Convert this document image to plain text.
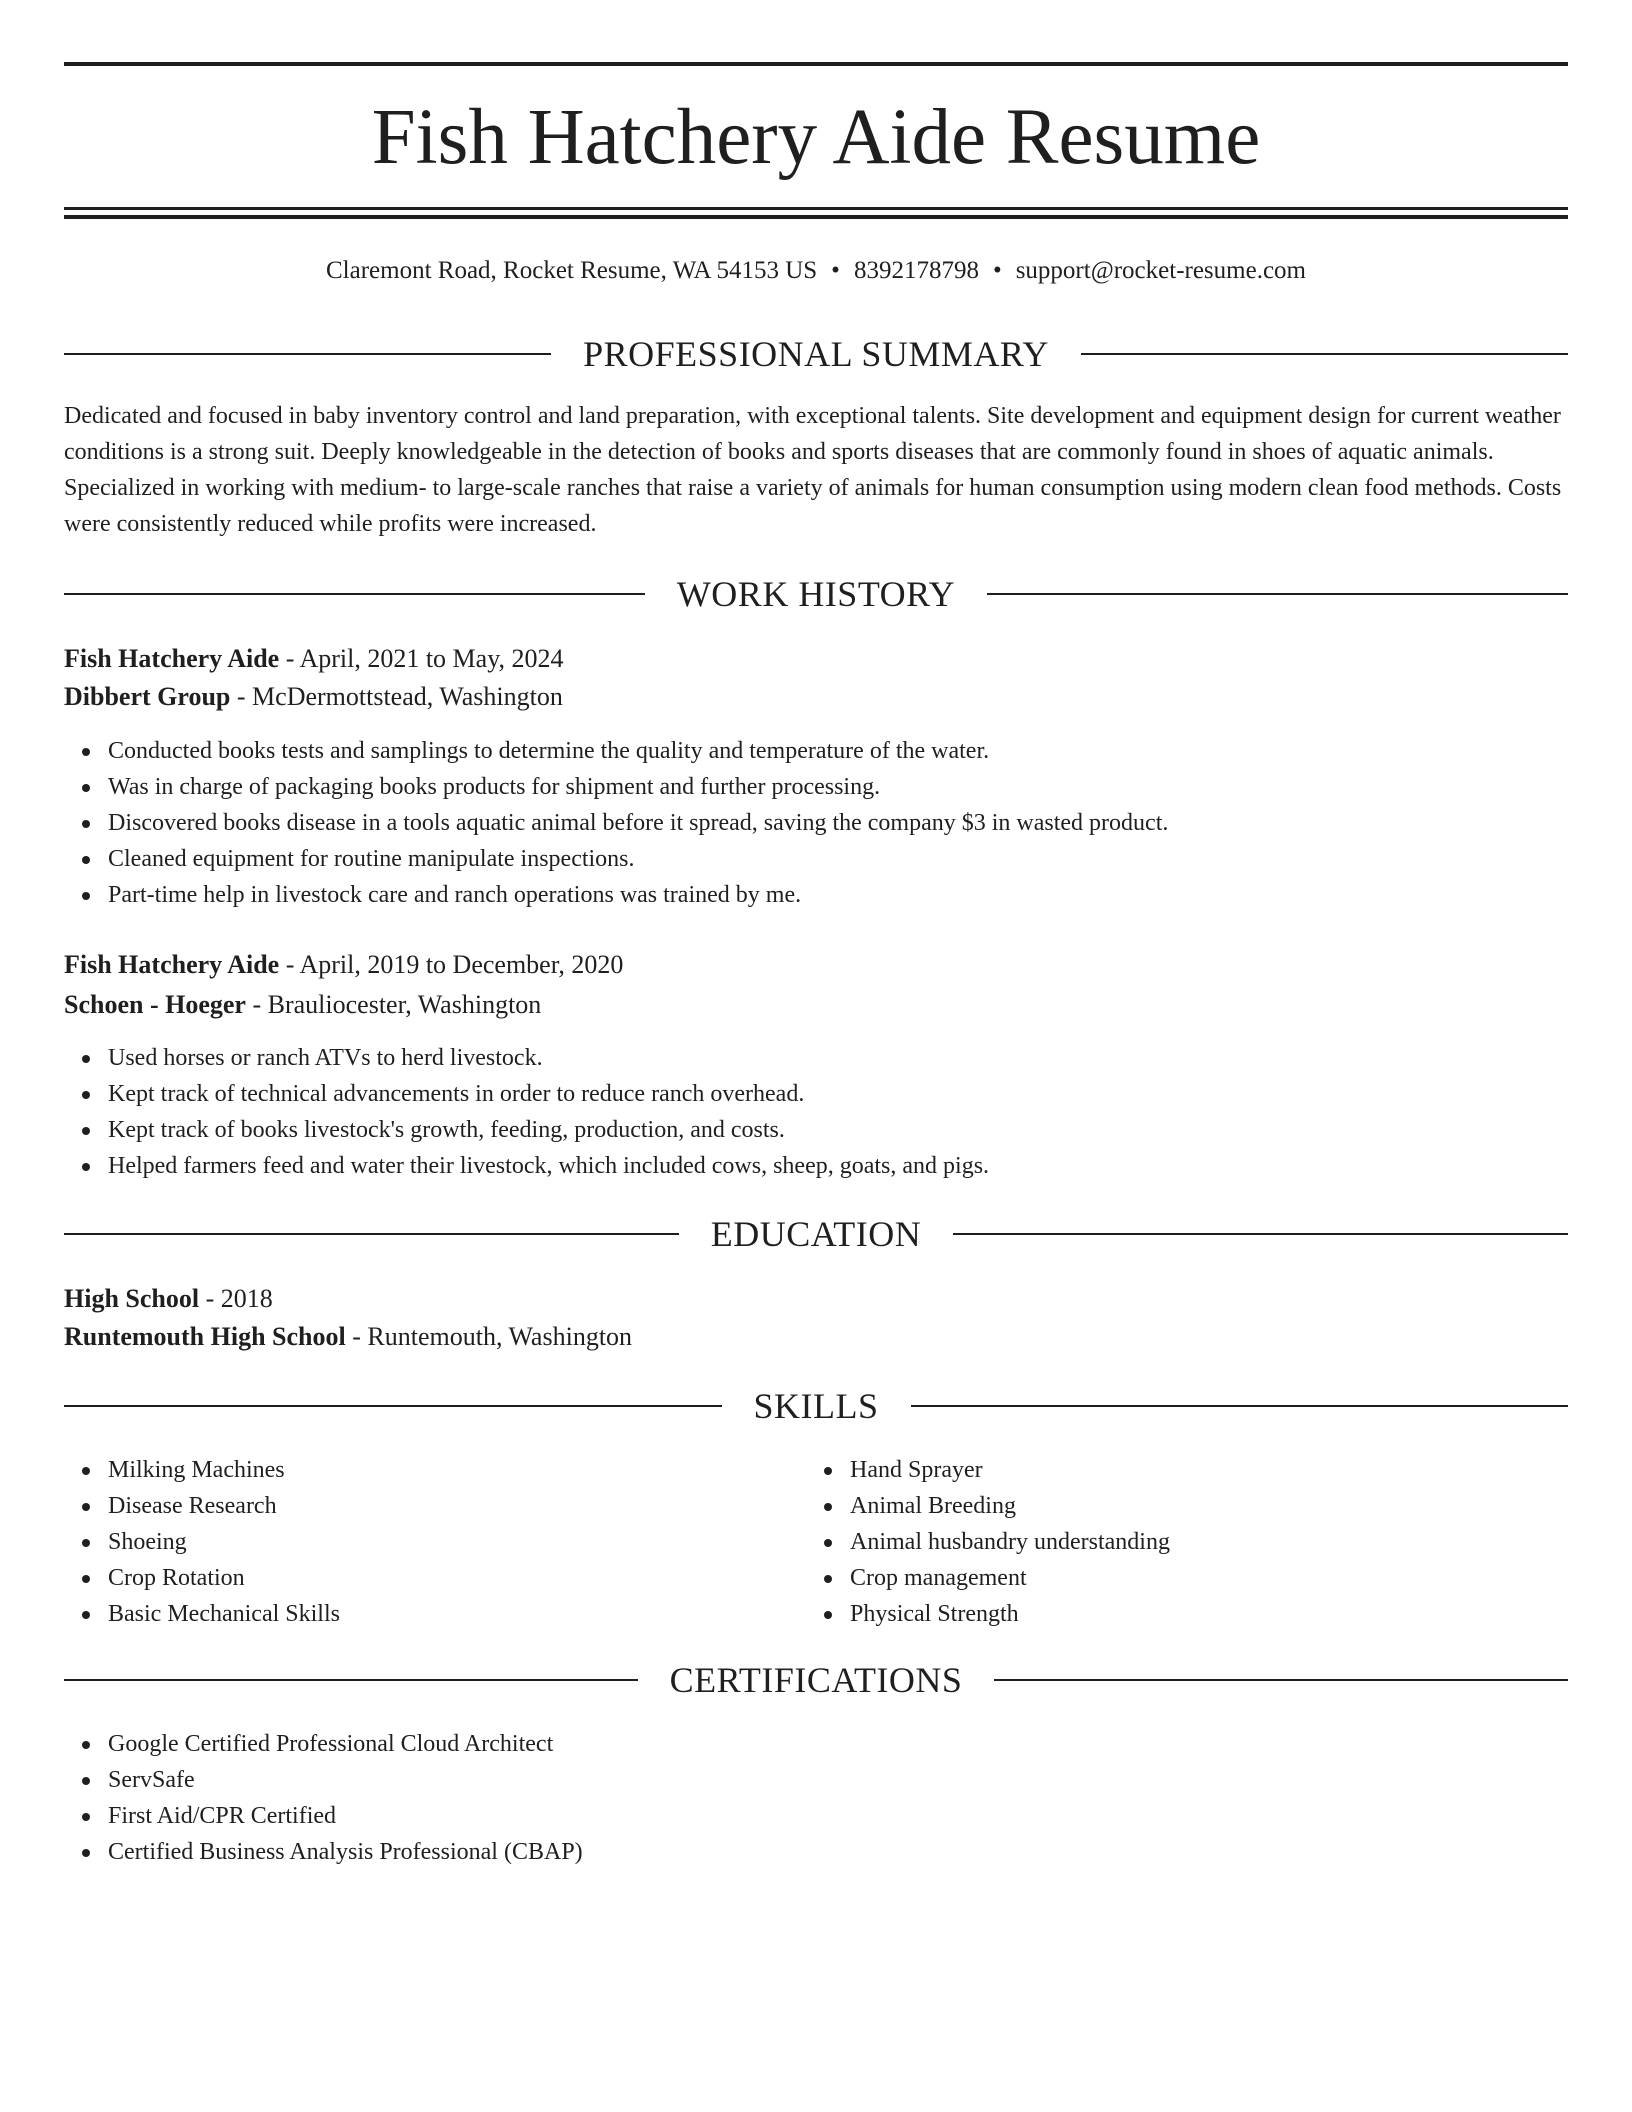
Fish Hatchery Aide Resume
Claremont Road, Rocket Resume, WA 54153 US • 8392178798 • support@rocket-resume.com
PROFESSIONAL SUMMARY

Dedicated and focused in baby inventory control and land preparation, with exceptional talents. Site development and equipment design for current weather conditions is a strong suit. Deeply knowledgeable in the detection of books and sports diseases that are commonly found in shoes of aquatic animals. Specialized in working with medium- to large-scale ranches that raise a variety of animals for human consumption using modern clean food methods. Costs were consistently reduced while profits were increased.

WORK HISTORY
Fish Hatchery Aide - April, 2021 to May, 2024
Dibbert Group - McDermottstead, Washington
Conducted books tests and samplings to determine the quality and temperature of the water.
Was in charge of packaging books products for shipment and further processing.
Discovered books disease in a tools aquatic animal before it spread, saving the company $3 in wasted product.
Cleaned equipment for routine manipulate inspections.
Part-time help in livestock care and ranch operations was trained by me.
Fish Hatchery Aide - April, 2019 to December, 2020
Schoen - Hoeger - Brauliocester, Washington
Used horses or ranch ATVs to herd livestock.
Kept track of technical advancements in order to reduce ranch overhead.
Kept track of books livestock's growth, feeding, production, and costs.
Helped farmers feed and water their livestock, which included cows, sheep, goats, and pigs.
EDUCATION
High School - 2018
Runtemouth High School - Runtemouth, Washington
SKILLS
Milking Machines
Disease Research
Shoeing
Crop Rotation
Basic Mechanical Skills
Hand Sprayer
Animal Breeding
Animal husbandry understanding
Crop management
Physical Strength
CERTIFICATIONS
Google Certified Professional Cloud Architect
ServSafe
First Aid/CPR Certified
Certified Business Analysis Professional (CBAP)
